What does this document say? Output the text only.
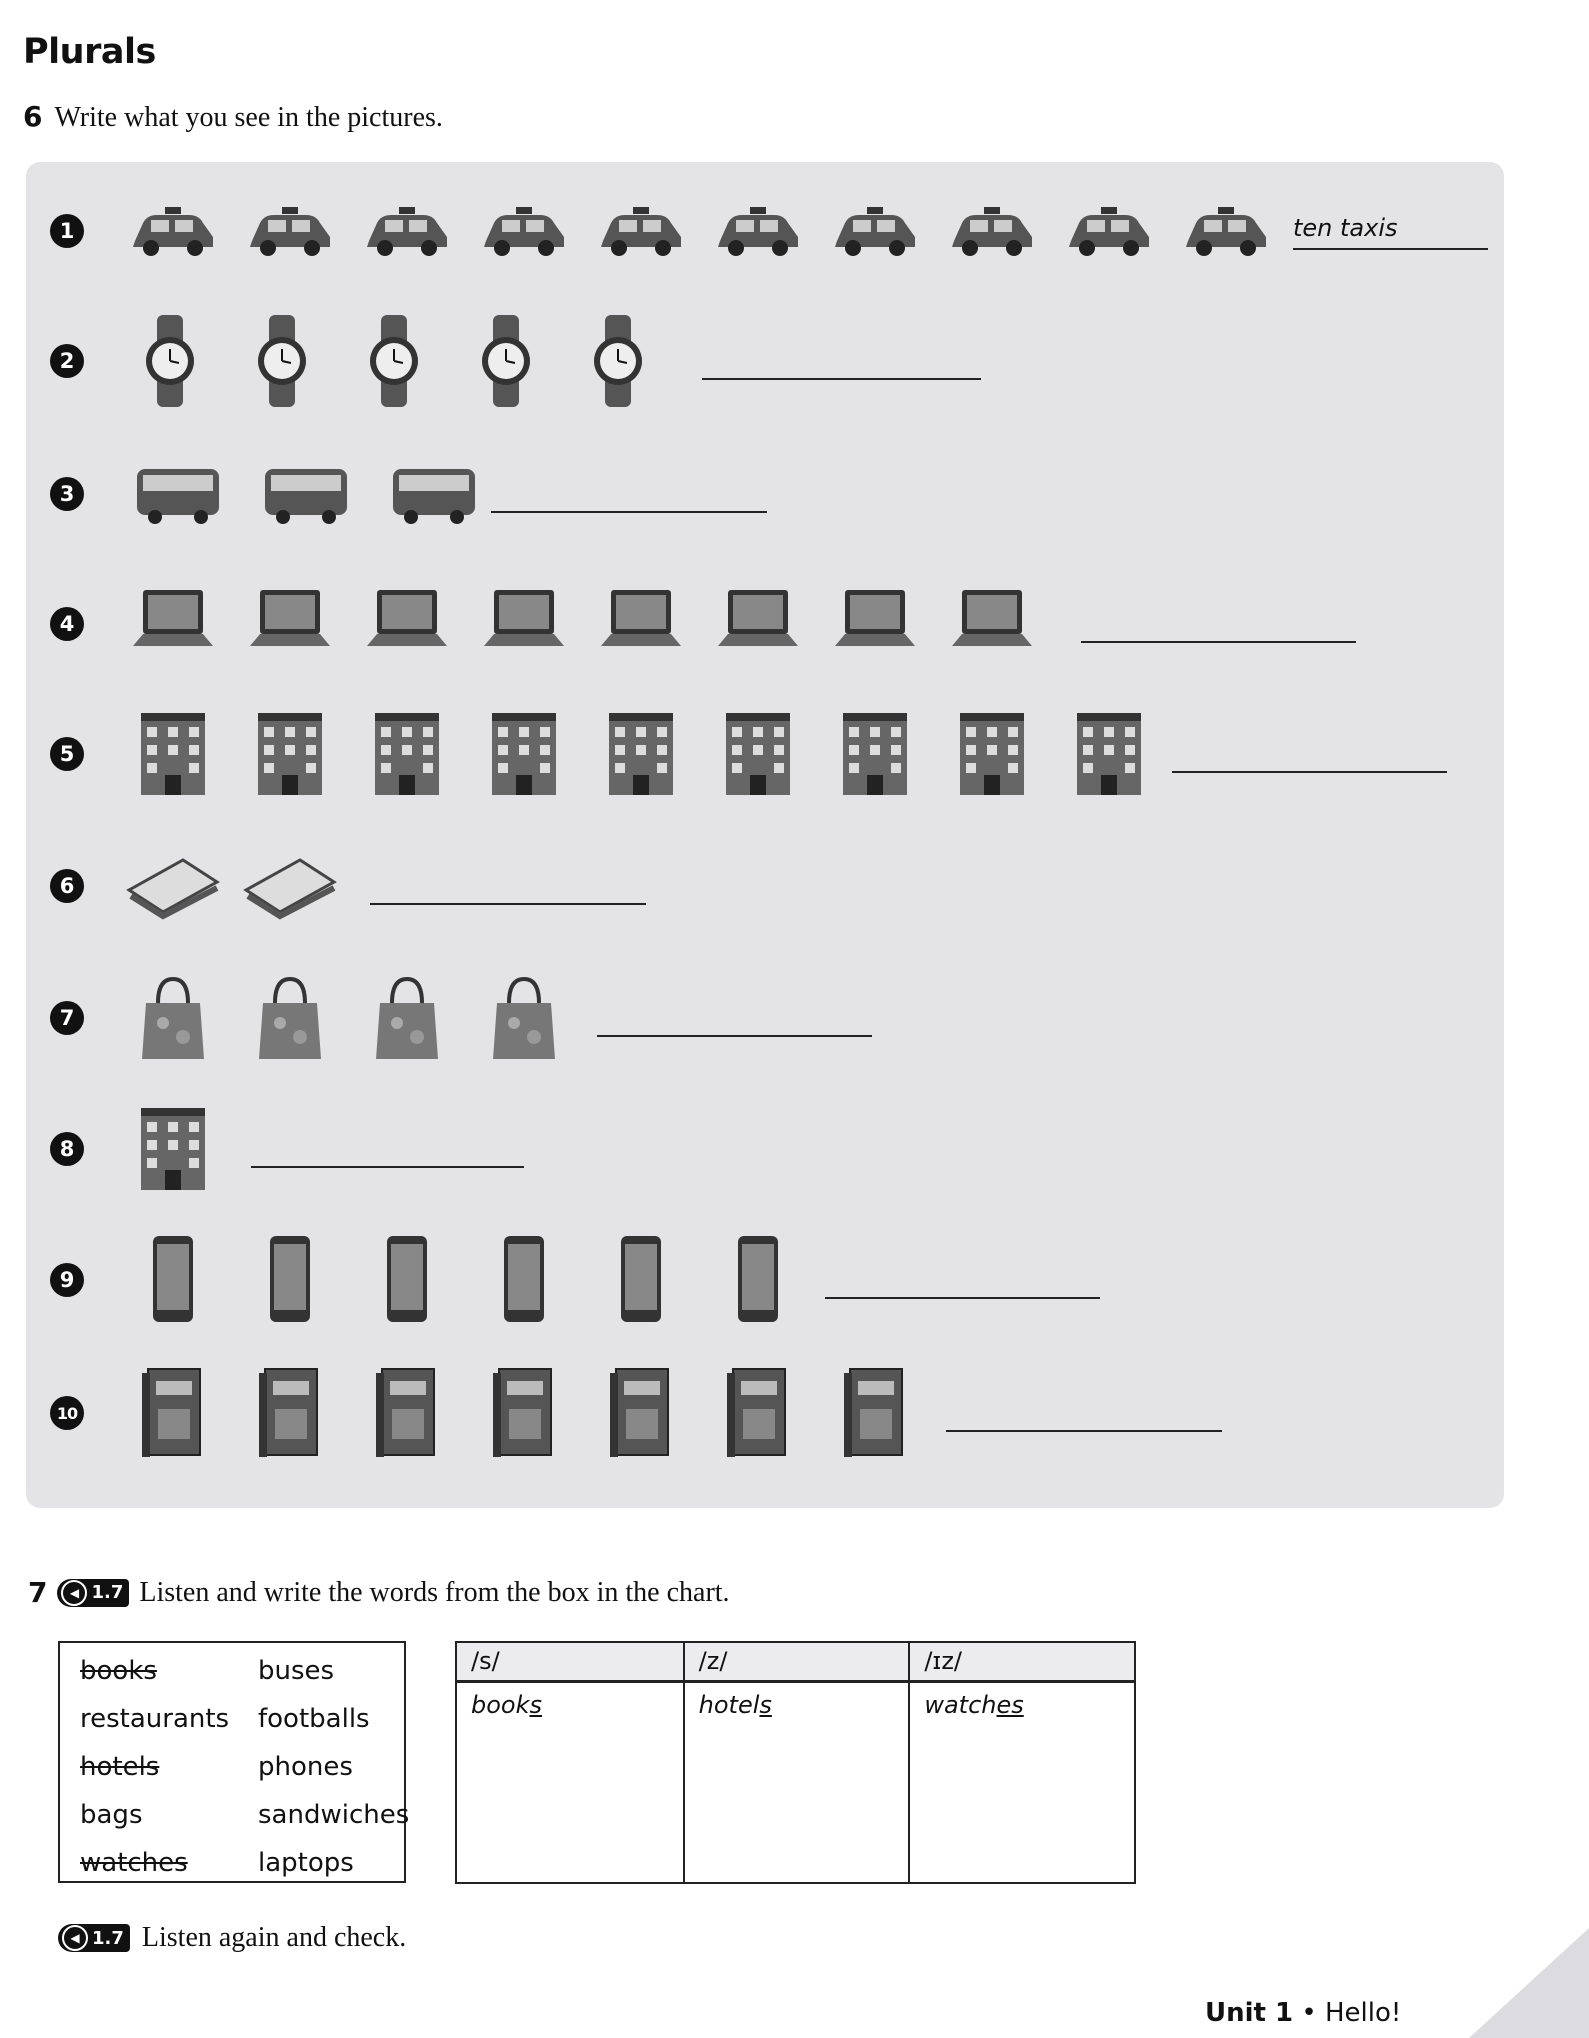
Plurals
6 Write what you see in the pictures.
1	ten taxis
2
3
4
5
6
7
8
9
10
7	◀ 1.7 Listen and write the words from the box in the chart.
books	buses
restaurants	footballs
hotels	phones
bags	sandwiches
watches	laptops
/s/	/z/	/ɪz/
books	hotels	watches
◀ 1.7 Listen again and check.
Unit 1 • Hello!	9
